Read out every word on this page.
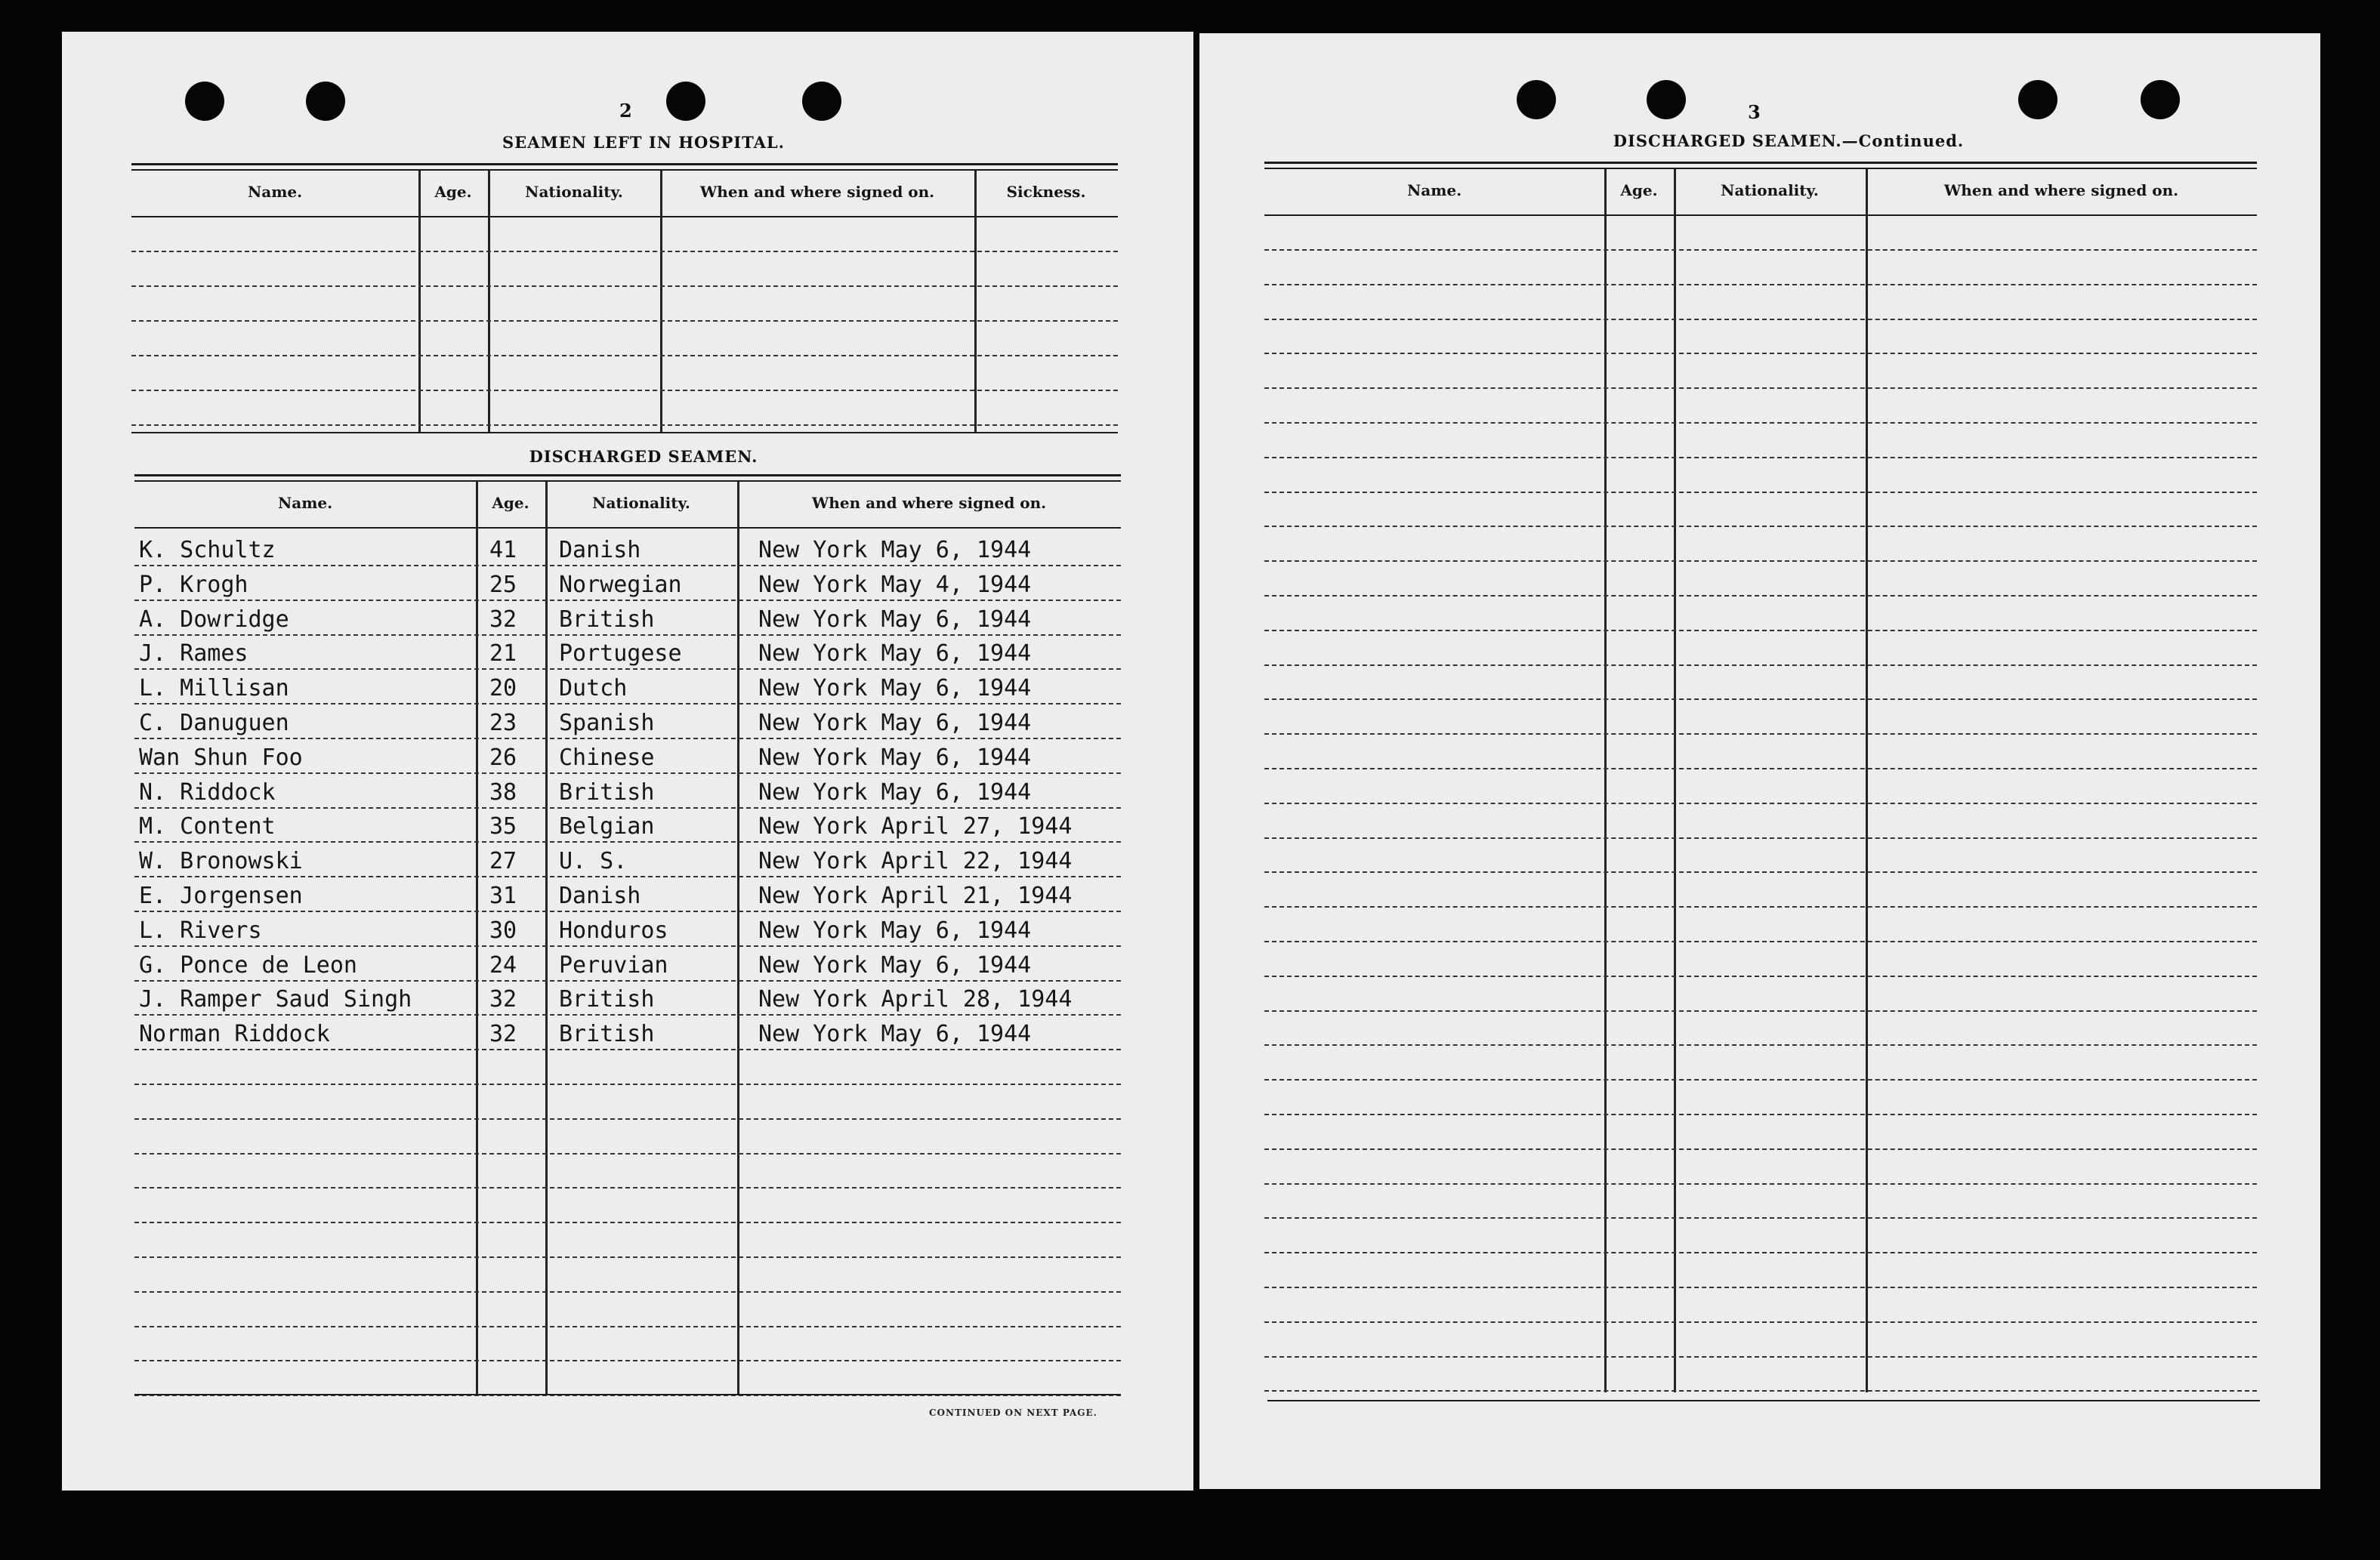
2
SEAMEN LEFT IN HOSPITAL.
Name.	Age.	Nationality.	When and where signed on.	Sickness.
DISCHARGED SEAMEN.
Name.	Age.	Nationality.	When and where signed on.
K. Schultz	41 Danish	New York May 6, 1944
P. Krogh	25 Norwegian	New York May 4, 1944
A. Dowridge	32 British	New York May 6, 1944
J. Rames	21 Portugese	New York May 6, 1944
L. Millisan	20 Dutch	New York May 6, 1944
C. Danuguen	23 Spanish	New York May 6, 1944
Wan Shun Foo	26 Chinese	New York May 6, 1944
N. Riddock	38 British	New York May 6, 1944
M. Content	35 Belgian	New York April 27, 1944
W. Bronowski	27 U. S.	New York April 22, 1944
E. Jorgensen	31 Danish	New York April 21, 1944
L. Rivers	30 Honduros	New York May 6, 1944
G. Ponce de Leon	24 Peruvian	New York May 6, 1944
J. Ramper Saud Singh	32 British	New York April 28, 1944
Norman Riddock	32 British	New York May 6, 1944
CONTINUED ON NEXT PAGE.
3
DISCHARGED SEAMEN.—Continued.
Name.	Age.	Nationality.	When and where signed on.
